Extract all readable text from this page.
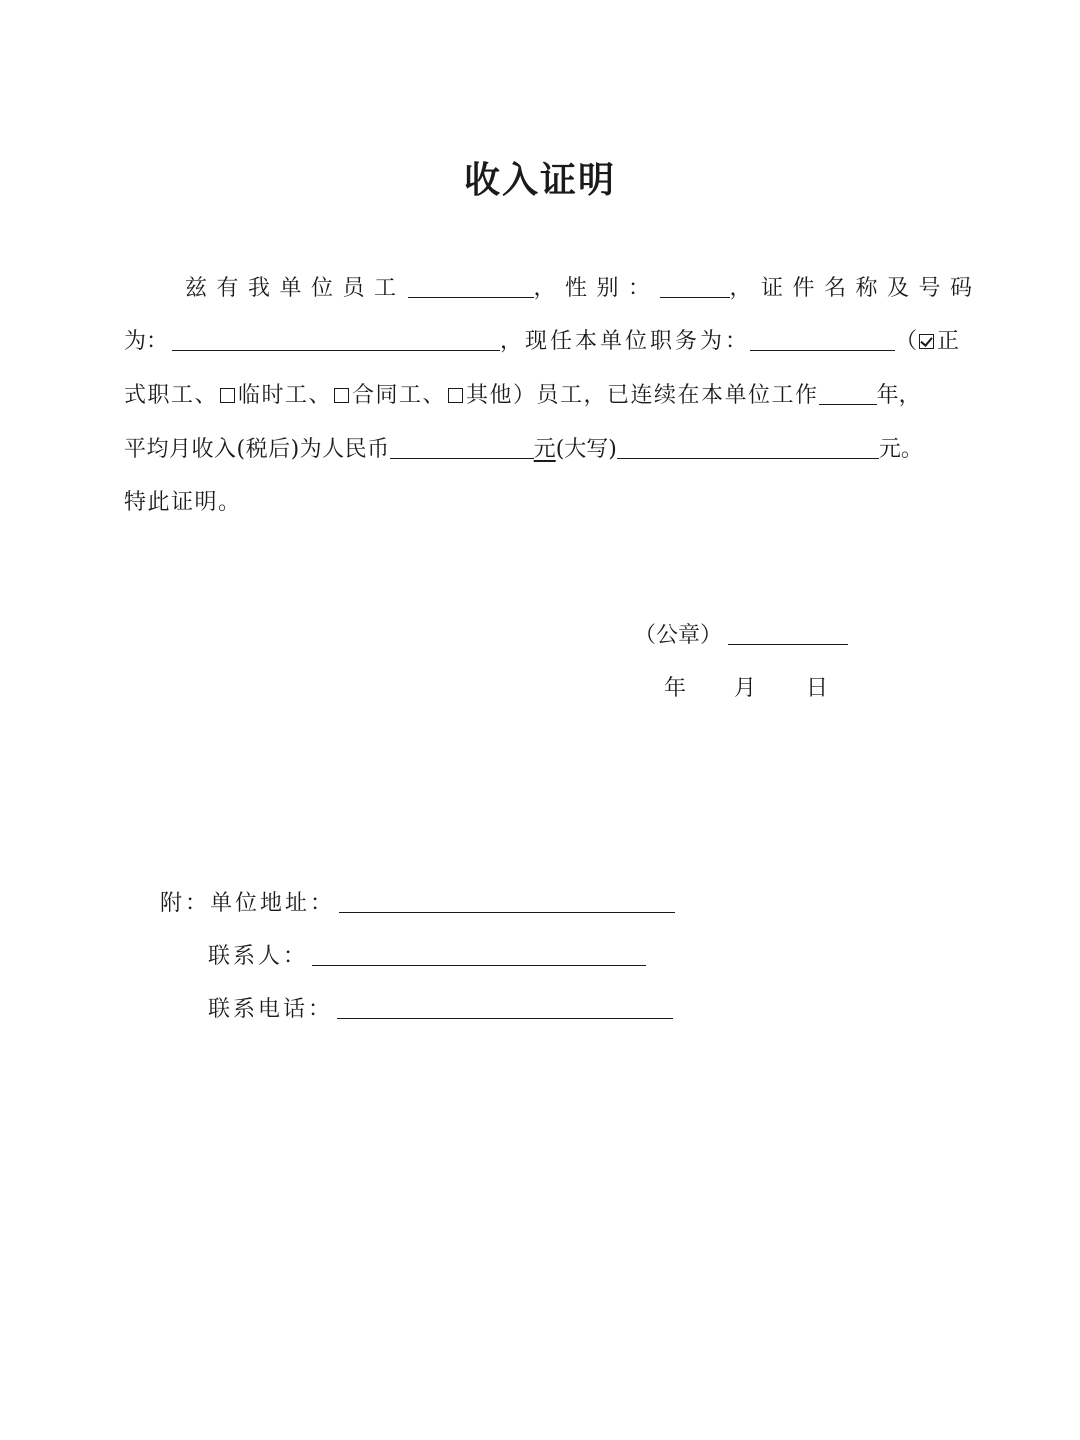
收入证明
兹有我单位员工	，性别：	，证件名称及号码
为：	，现任本单位职务为：	（ 正
式职工、 临时工、 合同工、 其他）员工，已连续在本单位工作	年，
平均月收入(税后)为人民币	元(大写)	元。
特此证明。
（公章）
年 月 日
附：单位地址：
联系人：
联系电话：
